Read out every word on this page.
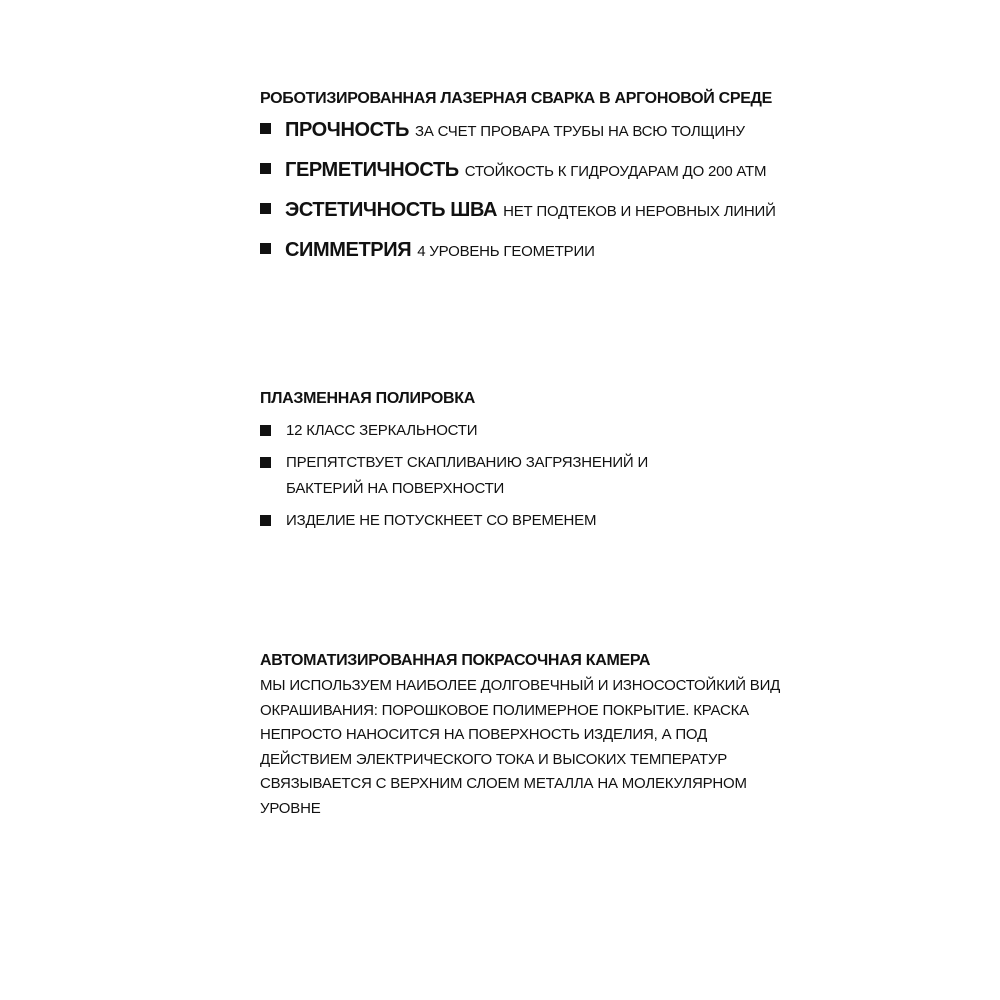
РОБОТИЗИРОВАННАЯ ЛАЗЕРНАЯ СВАРКА В АРГОНОВОЙ СРЕДЕ
ПРОЧНОСТЬ ЗА СЧЕТ ПРОВАРА ТРУБЫ НА ВСЮ ТОЛЩИНУ
ГЕРМЕТИЧНОСТЬ СТОЙКОСТЬ К ГИДРОУДАРАМ ДО 200 АТМ
ЭСТЕТИЧНОСТЬ ШВА НЕТ ПОДТЕКОВ И НЕРОВНЫХ ЛИНИЙ
СИММЕТРИЯ 4 УРОВЕНЬ ГЕОМЕТРИИ
ПЛАЗМЕННАЯ ПОЛИРОВКА
12 КЛАСС ЗЕРКАЛЬНОСТИ
ПРЕПЯТСТВУЕТ СКАПЛИВАНИЮ ЗАГРЯЗНЕНИЙ И БАКТЕРИЙ НА ПОВЕРХНОСТИ
ИЗДЕЛИЕ НЕ ПОТУСКНЕЕТ СО ВРЕМЕНЕМ
АВТОМАТИЗИРОВАННАЯ ПОКРАСОЧНАЯ КАМЕРА

МЫ ИСПОЛЬЗУЕМ НАИБОЛЕЕ ДОЛГОВЕЧНЫЙ И ИЗНОСОСТОЙКИЙ ВИД ОКРАШИВАНИЯ: ПОРОШКОВОЕ ПОЛИМЕРНОЕ ПОКРЫТИЕ. КРАСКА НЕПРОСТО НАНОСИТСЯ НА ПОВЕРХНОСТЬ ИЗДЕЛИЯ, А ПОД ДЕЙСТВИЕМ ЭЛЕКТРИЧЕСКОГО ТОКА И ВЫСОКИХ ТЕМПЕРАТУР СВЯЗЫВАЕТСЯ С ВЕРХНИМ СЛОЕМ МЕТАЛЛА НА МОЛЕКУЛЯРНОМ УРОВНЕ
